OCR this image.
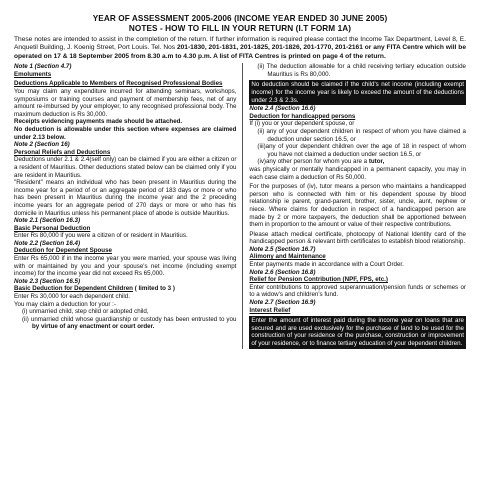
YEAR OF ASSESSMENT 2005-2006 (INCOME YEAR ENDED 30 JUNE 2005)
NOTES - HOW TO FILL IN YOUR RETURN (I.T FORM 1A)

These notes are intended to assist in the completion of the return. If further information is required please contact the Income Tax Department, Level 8, E. Anquetil Building, J. Koenig Street, Port Louis. Tel. Nos 201-1830, 201-1831, 201-1825, 201-1826, 201-1770, 201-2161 or any FITA Centre which will be operated on 17 & 18 September 2005 from 8.30 a.m to 4.30 p.m. A list of FITA Centres is printed on page 4 of the return.

Note 1 (Section 4.7)

Emoluments

Deductions Applicable to Members of Recognised Professional Bodies

You may claim any expenditure incurred for attending seminars, workshops, symposiums or training courses and payment of membership fees, net of any amount re-imbursed by your employer, to any recognised professional body. The maximum deduction is Rs 30,000.

Receipts evidencing payments made should be attached.

No deduction is allowable under this section where expenses are claimed under 2.13 below.

Note 2 (Section 16)

Personal Reliefs and Deductions

Deductions under 2.1 & 2.4(self only) can be claimed if you are either a citizen or a resident of Mauritius. Other deductions stated below can be claimed only if you are resident in Mauritius.

"Resident" means an individual who has been present in Mauritius during the income year for a period of or an aggregate period of 183 days or more or who has been present in Mauritius during the income year and the 2 preceding income years for an aggregate period of 270 days or more or who has his domicile in Mauritius unless his permanent place of abode is outside Mauritius.

Note 2.1 (Section 16.3)

Basic Personal Deduction

Enter Rs 80,000 if you were a citizen of or resident in Mauritius.

Note 2.2 (Section 16.4)

Deduction for Dependent Spouse

Enter Rs 65,000 if in the income year you were married, your spouse was living with or maintained by you and your spouse's net income (including exempt income) for the income year did not exceed Rs 65,000.

Note 2.3 (Section 16.5)

Basic Deduction for Dependent Children ( limited to 3 )

Enter Rs 30,000 for each dependent child.

You may claim a deduction for your :-

(i) unmarried child, step child or adopted child,

(ii) unmarried child whose guardianship or custody has been entrusted to you by virtue of any enactment or court order.

(ii) The deduction allowable for a child receiving tertiary education outside Mauritius is Rs 80,000.

No deduction should be claimed if the child's net income (including exempt income) for the income year is likely to exceed the amount of the deductions under 2.3 & 2.3s.

Note 2.4 (Section 16.6)

Deduction for handicapped persons

If (i) you or your dependent spouse, or

(ii) any of your dependent children in respect of whom you have claimed a deduction under section 16.5, or

(iii)any of your dependent children over the age of 18 in respect of whom you have not claimed a deduction under section 16.5, or

(iv)any other person for whom you are a tutor,

was physically or mentally handicapped in a permanent capacity, you may in each case claim a deduction of Rs 50,000.

For the purposes of (iv), tutor means a person who maintains a handicapped person who is connected with him or his dependent spouse by blood relationship ie parent, grand-parent, brother, sister, uncle, aunt, nephew or niece. Where claims for deduction in respect of a handicapped person are made by 2 or more taxpayers, the deduction shall be apportioned between them in proportion to the amount or value of their respective contributions.

Please attach medical certificate, photocopy of National Identity card of the handicapped person & relevant birth certificates to establish blood relationship.

Note 2.5 (Section 16.7)

Alimony and Maintenance

Enter payments made in accordance with a Court Order.

Note 2.6 (Section 16.8)

Relief for Pension Contribution (NPF, FPS, etc.)

Enter contributions to approved superannuation/pension funds or schemes or to a widow's and children's fund.

Note 2.7 (Section 16.9)

Interest Relief

Enter the amount of interest paid during the income year on loans that are secured and are used exclusively for the purchase of land to be used for the construction of your residence or the purchase, construction or improvement of your residence, or to finance tertiary education of your dependent children.
